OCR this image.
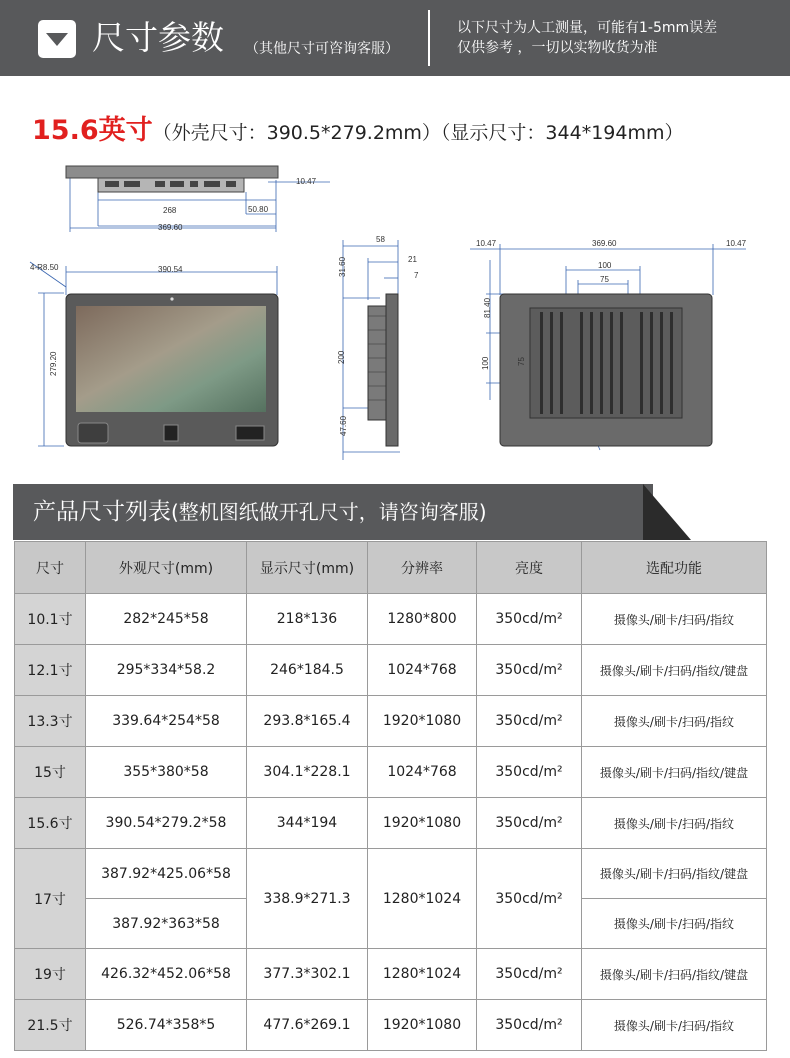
尺寸参数 （其他尺寸可咨询客服）
以下尺寸为人工测量，可能有1-5mm误差
仅供参考 ，一切以实物收货为准
15.6英寸（外壳尺寸：390.5*279.2mm）（显示尺寸：344*194mm）
10.47
268	50.80
369.60
390.54
279.20
4-R8.50
58
21
7
31.60
200
47.60
10.47	369.60	10.47
100
75
81.40
100	75
产品尺寸列表(整机图纸做开孔尺寸，请咨询客服)
尺寸	外观尺寸(mm)	显示尺寸(mm)	分辨率	亮度	选配功能
10.1寸	282*245*58	218*136	1280*800	350cd/m²	摄像头/刷卡/扫码/指纹
12.1寸	295*334*58.2	246*184.5	1024*768	350cd/m²	摄像头/刷卡/扫码/指纹/键盘
13.3寸	339.64*254*58	293.8*165.4	1920*1080	350cd/m²	摄像头/刷卡/扫码/指纹
15寸	355*380*58	304.1*228.1	1024*768	350cd/m²	摄像头/刷卡/扫码/指纹/键盘
15.6寸	390.54*279.2*58	344*194	1920*1080	350cd/m²	摄像头/刷卡/扫码/指纹
17寸	387.92*425.06*58	338.9*271.3	1280*1024	350cd/m²	摄像头/刷卡/扫码/指纹/键盘
	387.92*363*58				摄像头/刷卡/扫码/指纹
19寸	426.32*452.06*58	377.3*302.1	1280*1024	350cd/m²	摄像头/刷卡/扫码/指纹/键盘
21.5寸	526.74*358*5	477.6*269.1	1920*1080	350cd/m²	摄像头/刷卡/扫码/指纹
